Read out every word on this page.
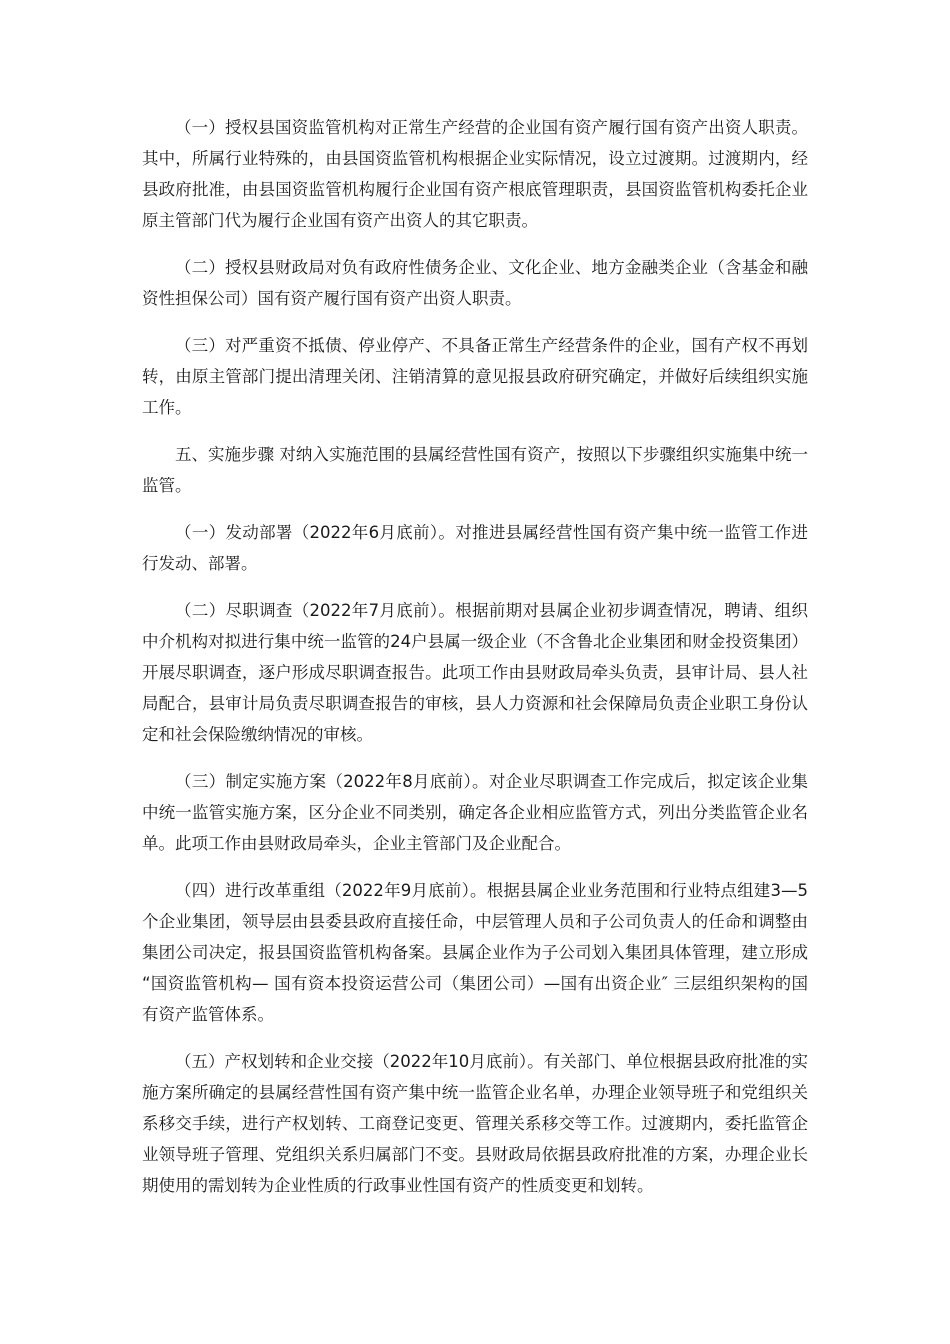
（一）授权县国资监管机构对正常生产经营的企业国有资产履行国有资产出资人职责。其中，所属行业特殊的，由县国资监管机构根据企业实际情况，设立过渡期。过渡期内，经县政府批准，由县国资监管机构履行企业国有资产根底管理职责，县国资监管机构委托企业原主管部门代为履行企业国有资产出资人的其它职责。

（二）授权县财政局对负有政府性债务企业、文化企业、地方金融类企业（含基金和融资性担保公司）国有资产履行国有资产出资人职责。

（三）对严重资不抵债、停业停产、不具备正常生产经营条件的企业，国有产权不再划转，由原主管部门提出清理关闭、注销清算的意见报县政府研究确定，并做好后续组织实施工作。

五、实施步骤 对纳入实施范围的县属经营性国有资产，按照以下步骤组织实施集中统一监管。

（一）发动部署（2022年6月底前）。对推进县属经营性国有资产集中统一监管工作进行发动、部署。

（二）尽职调查（2022年7月底前）。根据前期对县属企业初步调查情况，聘请、组织中介机构对拟进行集中统一监管的24户县属一级企业（不含鲁北企业集团和财金投资集团）开展尽职调查，逐户形成尽职调查报告。此项工作由县财政局牵头负责，县审计局、县人社局配合，县审计局负责尽职调查报告的审核，县人力资源和社会保障局负责企业职工身份认定和社会保险缴纳情况的审核。

（三）制定实施方案（2022年8月底前）。对企业尽职调查工作完成后，拟定该企业集中统一监管实施方案，区分企业不同类别，确定各企业相应监管方式，列出分类监管企业名单。此项工作由县财政局牵头，企业主管部门及企业配合。

（四）进行改革重组（2022年9月底前）。根据县属企业业务范围和行业特点组建3—5个企业集团，领导层由县委县政府直接任命，中层管理人员和子公司负责人的任命和调整由集团公司决定，报县国资监管机构备案。县属企业作为子公司划入集团具体管理，建立形成“国资监管机构— 国有资本投资运营公司（集团公司）—国有出资企业″ 三层组织架构的国有资产监管体系。

（五）产权划转和企业交接（2022年10月底前）。有关部门、单位根据县政府批准的实施方案所确定的县属经营性国有资产集中统一监管企业名单，办理企业领导班子和党组织关系移交手续，进行产权划转、工商登记变更、管理关系移交等工作。过渡期内，委托监管企业领导班子管理、党组织关系归属部门不变。县财政局依据县政府批准的方案，办理企业长期使用的需划转为企业性质的行政事业性国有资产的性质变更和划转。
